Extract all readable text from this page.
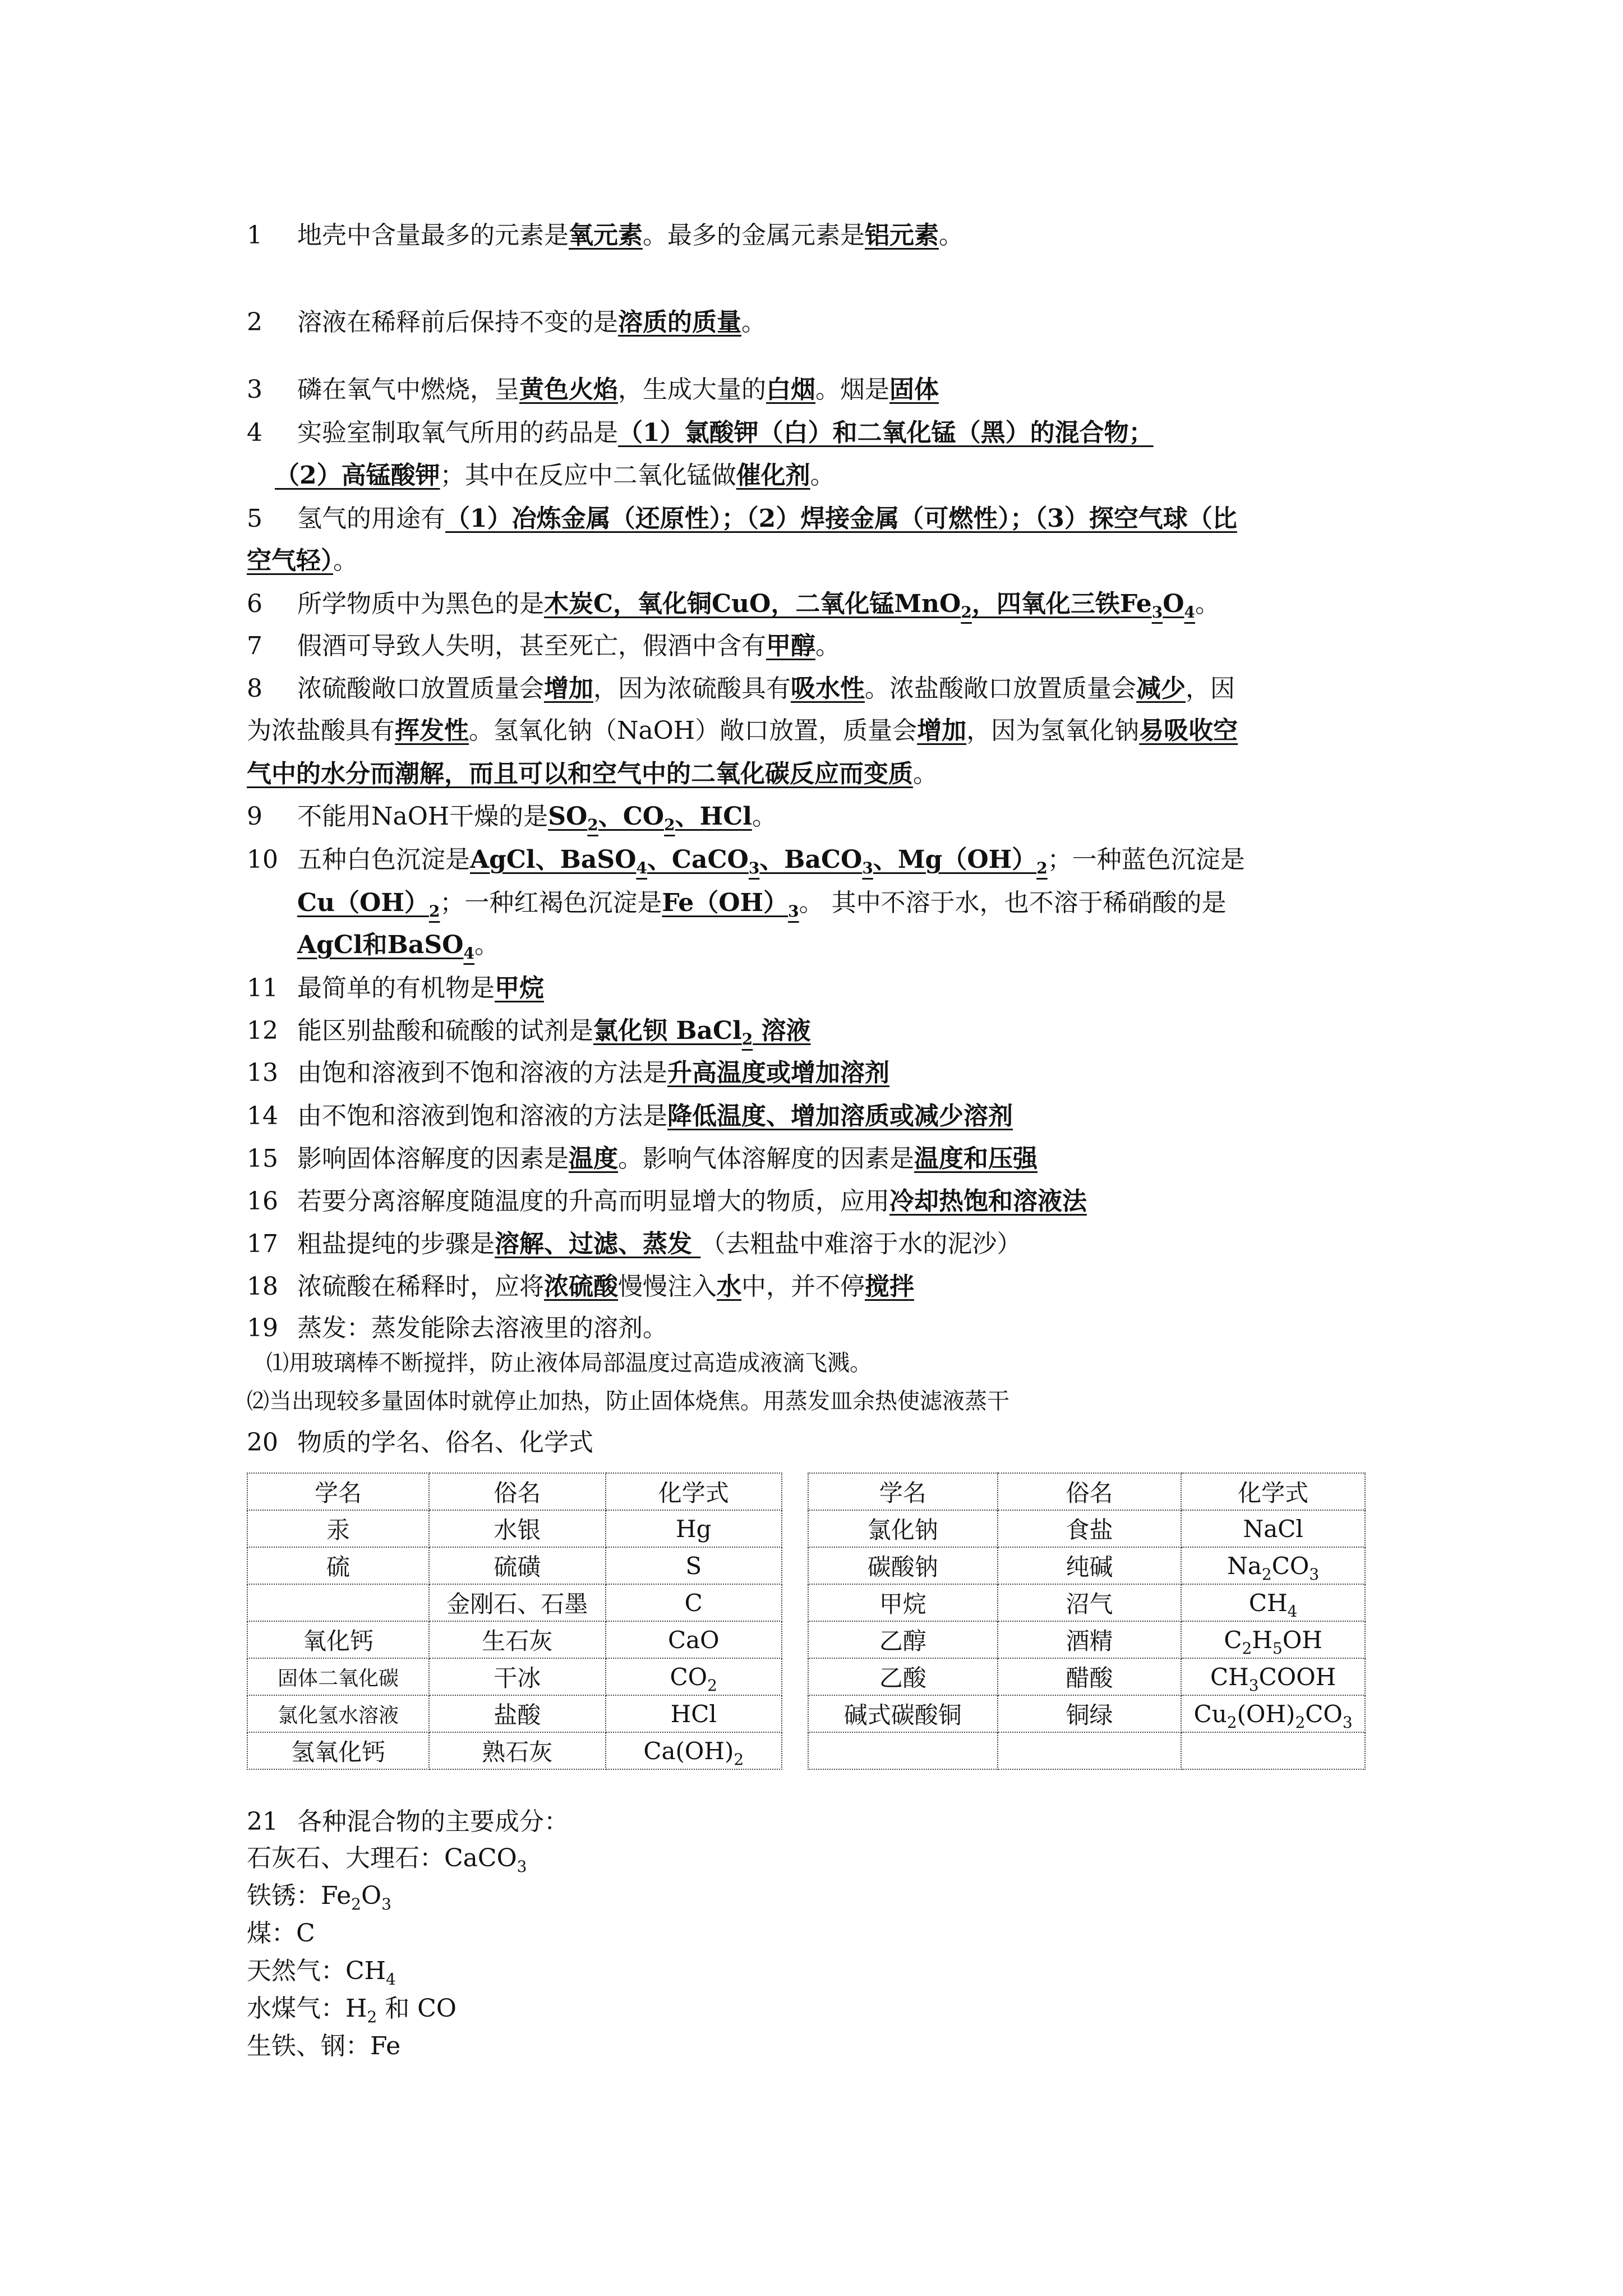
1 地壳中含量最多的元素是氧元素。最多的金属元素是铝元素。
2 溶液在稀释前后保持不变的是溶质的质量。
3 磷在氧气中燃烧，呈黄色火焰，生成大量的白烟。烟是固体
4 实验室制取氧气所用的药品是（1）氯酸钾（白）和二氧化锰（黑）的混合物；
（2）高锰酸钾；其中在反应中二氧化锰做催化剂。
5 氢气的用途有（1）冶炼金属（还原性）；（2）焊接金属（可燃性）；（3）探空气球（比
空气轻）。
6 所学物质中为黑色的是木炭C，氧化铜CuO，二氧化锰MnO$_2$，四氧化三铁$Fe_3O_4$。
7 假酒可导致人失明，甚至死亡，假酒中含有甲醇。
8 浓硫酸敞口放置质量会增加，因为浓硫酸具有吸水性。浓盐酸敞口放置质量会减少，因
为浓盐酸具有挥发性。氢氧化钠（NaOH）敞口放置，质量会增加，因为氢氧化钠易吸收空
气中的水分而潮解，而且可以和空气中的二氧化碳反应而变质。
9 不能用NaOH干燥的是$SO_2$、$CO_2$、HCl。
10 五种白色沉淀是AgCl、BaSO$_4$、CaCO$_3$、BaCO$_3$、$Mg(OH)_2$；一种蓝色沉淀是
$Cu(OH)_2$；一种红褐色沉淀是$Fe(OH)_3$。 其中不溶于水，也不溶于稀硝酸的是
AgCl和BaSO$_4$。
11 最简单的有机物是甲烷
12 能区别盐酸和硫酸的试剂是氯化钡 BaCl$_2$ 溶液
13 由饱和溶液到不饱和溶液的方法是升高温度或增加溶剂
14 由不饱和溶液到饱和溶液的方法是降低温度、增加溶质或减少溶剂
15 影响固体溶解度的因素是温度。影响气体溶解度的因素是温度和压强
16 若要分离溶解度随温度的升高而明显增大的物质，应用冷却热饱和溶液法
17 粗盐提纯的步骤是溶解、过滤、蒸发 （去粗盐中难溶于水的泥沙）
18 浓硫酸在稀释时，应将浓硫酸慢慢注入水中，并不停搅拌
19 蒸发：蒸发能除去溶液里的溶剂。
⑴用玻璃棒不断搅拌，防止液体局部温度过高造成液滴飞溅。
⑵当出现较多量固体时就停止加热，防止固体烧焦。用蒸发皿余热使滤液蒸干
20 物质的学名、俗名、化学式
学名	俗名	化学式
汞	水银	Hg
硫	硫磺	S
	金刚石、石墨	C
氧化钙	生石灰	CaO
固体二氧化碳	干冰	$CO_2$
氯化氢水溶液	盐酸	HCl
氢氧化钙	熟石灰	$Ca(OH)_2$
学名	俗名	化学式
氯化钠	食盐	NaCl
碳酸钠	纯碱	$Na_2CO_3$
甲烷	沼气	$CH_4$
乙醇	酒精	$C_2H_5OH$
乙酸	醋酸	$CH_3COOH$
碱式碳酸铜	铜绿	$Cu_2(OH)_2CO_3$

21 各种混合物的主要成分：
石灰石、大理石：CaCO$_3$
铁锈：$Fe_2O_3$
煤：C
天然气：$CH_4$
水煤气：$H_2$ 和 CO
生铁、钢：Fe
